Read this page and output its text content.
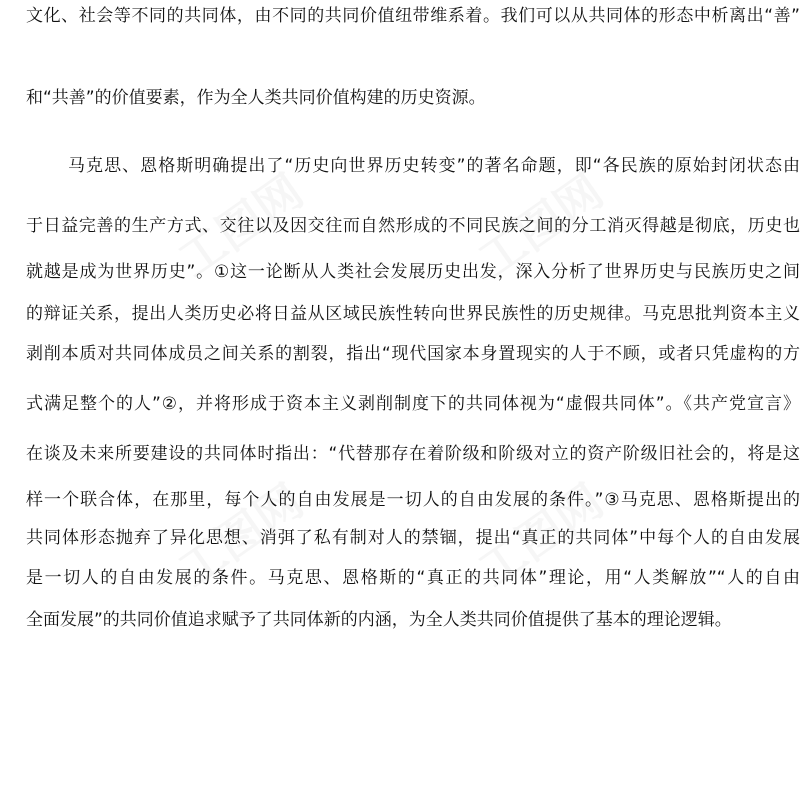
工图网	工图网
工图网	工图网
文化、社会等不同的共同体，由不同的共同价值纽带维系着。我们可以从共同体的形态中析离出“善”
和“共善”的价值要素，作为全人类共同价值构建的历史资源。
马克思、恩格斯明确提出了“历史向世界历史转变”的著名命题，即“各民族的原始封闭状态由
于日益完善的生产方式、交往以及因交往而自然形成的不同民族之间的分工消灭得越是彻底，历史也
就越是成为世界历史”。①这一论断从人类社会发展历史出发，深入分析了世界历史与民族历史之间
的辩证关系，提出人类历史必将日益从区域民族性转向世界民族性的历史规律。马克思批判资本主义
剥削本质对共同体成员之间关系的割裂，指出“现代国家本身置现实的人于不顾，或者只凭虚构的方
式满足整个的人”②，并将形成于资本主义剥削制度下的共同体视为“虚假共同体”。《共产党宣言》
在谈及未来所要建设的共同体时指出：“代替那存在着阶级和阶级对立的资产阶级旧社会的，将是这
样一个联合体，在那里，每个人的自由发展是一切人的自由发展的条件。”③马克思、恩格斯提出的
共同体形态抛弃了异化思想、消弭了私有制对人的禁锢，提出“真正的共同体”中每个人的自由发展
是一切人的自由发展的条件。马克思、恩格斯的“真正的共同体”理论，用“人类解放”“人的自由
全面发展”的共同价值追求赋予了共同体新的内涵，为全人类共同价值提供了基本的理论逻辑。
